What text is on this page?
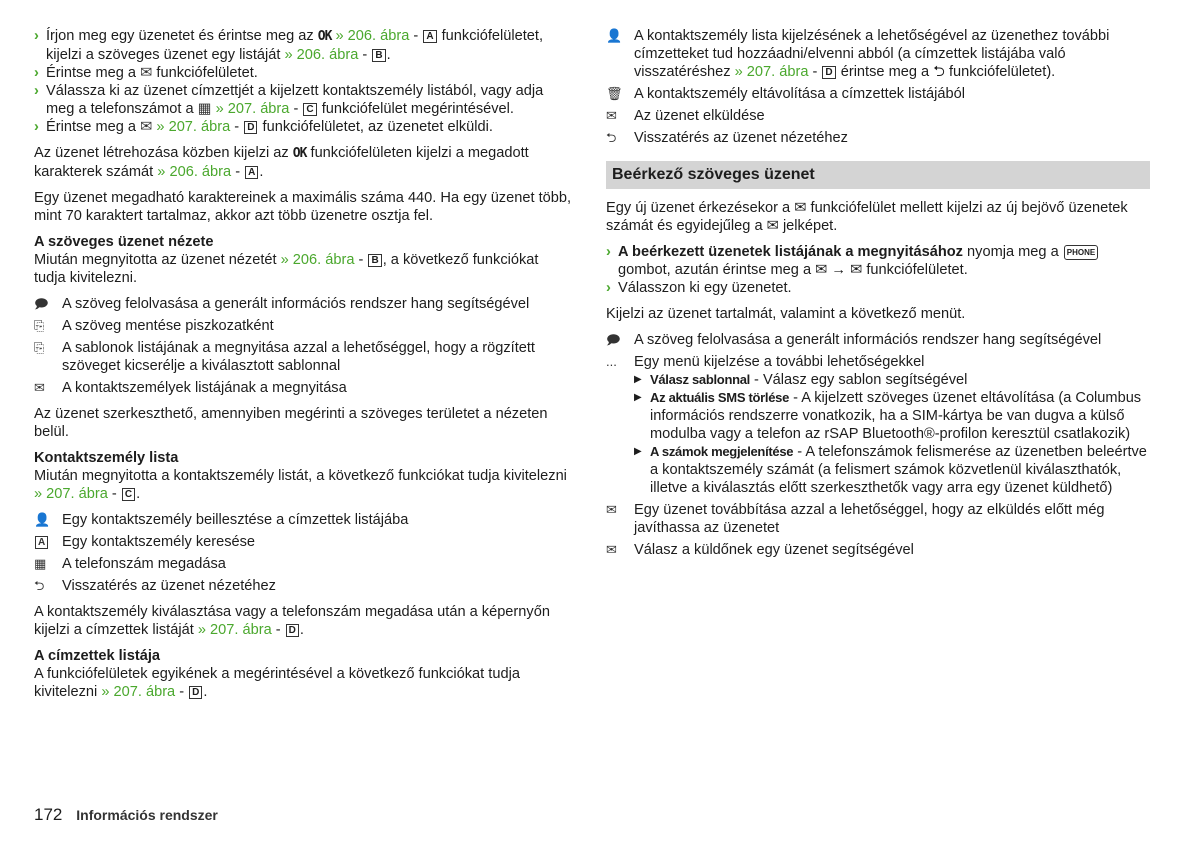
› Írjon meg egy üzenetet és érintse meg az OK » 206. ábra - A funkciófelületet, kijelzi a szöveges üzenet egy listáját » 206. ábra - B .
› Érintse meg a ✉ funkciófelületet.
› Válassza ki az üzenet címzettjét a kijelzett kontaktszemély listából, vagy adja meg a telefonszámot a ▦ » 207. ábra - C funkciófelület megérintésével.
› Érintse meg a ✉ » 207. ábra - D funkciófelületet, az üzenetet elküldi.

Az üzenet létrehozása közben kijelzi az OK funkciófelületen kijelzi a megadott karakterek számát » 206. ábra - A .

Egy üzenet megadható karaktereinek a maximális száma 440. Ha egy üzenet több, mint 70 karaktert tartalmaz, akkor azt több üzenetre osztja fel.

A szöveges üzenet nézete

Miután megnyitotta az üzenet nézetét » 206. ábra - B , a következő funkciókat tudja kivitelezni.

🗩 A szöveg felolvasása a generált információs rendszer hang segítségével
⎘	A szöveg mentése piszkozatként
⎘	A sablonok listájának a megnyitása azzal a lehetőséggel, hogy a rögzített szöveget kicserélje a kiválasztott sablonnal
✉	A kontaktszemélyek listájának a megnyitása

Az üzenet szerkeszthető, amennyiben megérinti a szöveges területet a nézeten belül.

Kontaktszemély lista

Miután megnyitotta a kontaktszemély listát, a következő funkciókat tudja kivitelezni » 207. ábra - C .

👤 Egy kontaktszemély beillesztése a címzettek listájába
A	Egy kontaktszemély keresése
▦	A telefonszám megadása
⮌	Visszatérés az üzenet nézetéhez

A kontaktszemély kiválasztása vagy a telefonszám megadása után a képernyőn kijelzi a címzettek listáját » 207. ábra - D .

A címzettek listája

A funkciófelületek egyikének a megérintésével a következő funkciókat tudja kivitelezni » 207. ábra - D .

👤 A kontaktszemély lista kijelzésének a lehetőségével az üzenethez további címzetteket tud hozzáadni/elvenni abból (a címzettek listájába való visszatéréshez » 207. ábra - D érintse meg a ⮌ funkciófelületet).
🗑 A kontaktszemély eltávolítása a címzettek listájából
✉	Az üzenet elküldése
⮌	Visszatérés az üzenet nézetéhez
Beérkező szöveges üzenet

Egy új üzenet érkezésekor a ✉ funkciófelület mellett kijelzi az új bejövő üzenetek számát és egyidejűleg a ✉ jelképet.

› A beérkezett üzenetek listájának a megnyitásához nyomja meg a PHONE gombot, azután érintse meg a ✉ → ✉ funkciófelületet.
› Válasszon ki egy üzenetet.

Kijelzi az üzenet tartalmát, valamint a következő menüt.

🗩 A szöveg felolvasása a generált információs rendszer hang segítségével
...	Egy menü kijelzése a további lehetőségekkel
▶ Válasz sablonnal - Válasz egy sablon segítségével
▶ Az aktuális SMS törlése - A kijelzett szöveges üzenet eltávolítása (a Columbus információs rendszerre vonatkozik, ha a SIM-kártya be van dugva a külső modulba vagy a telefon az rSAP Bluetooth®-profilon keresztül csatlakozik)
▶ A számok megjelenítése - A telefonszámok felismerése az üzenetben beleértve a kontaktszemély számát (a felismert számok közvetlenül kiválaszthatók, illetve a kiválasztás előtt szerkeszthetők vagy arra egy üzenet küldhető)
✉	Egy üzenet továbbítása azzal a lehetőséggel, hogy az elküldés előtt még javíthassa az üzenetet
✉	Válasz a küldőnek egy üzenet segítségével
172 Információs rendszer
